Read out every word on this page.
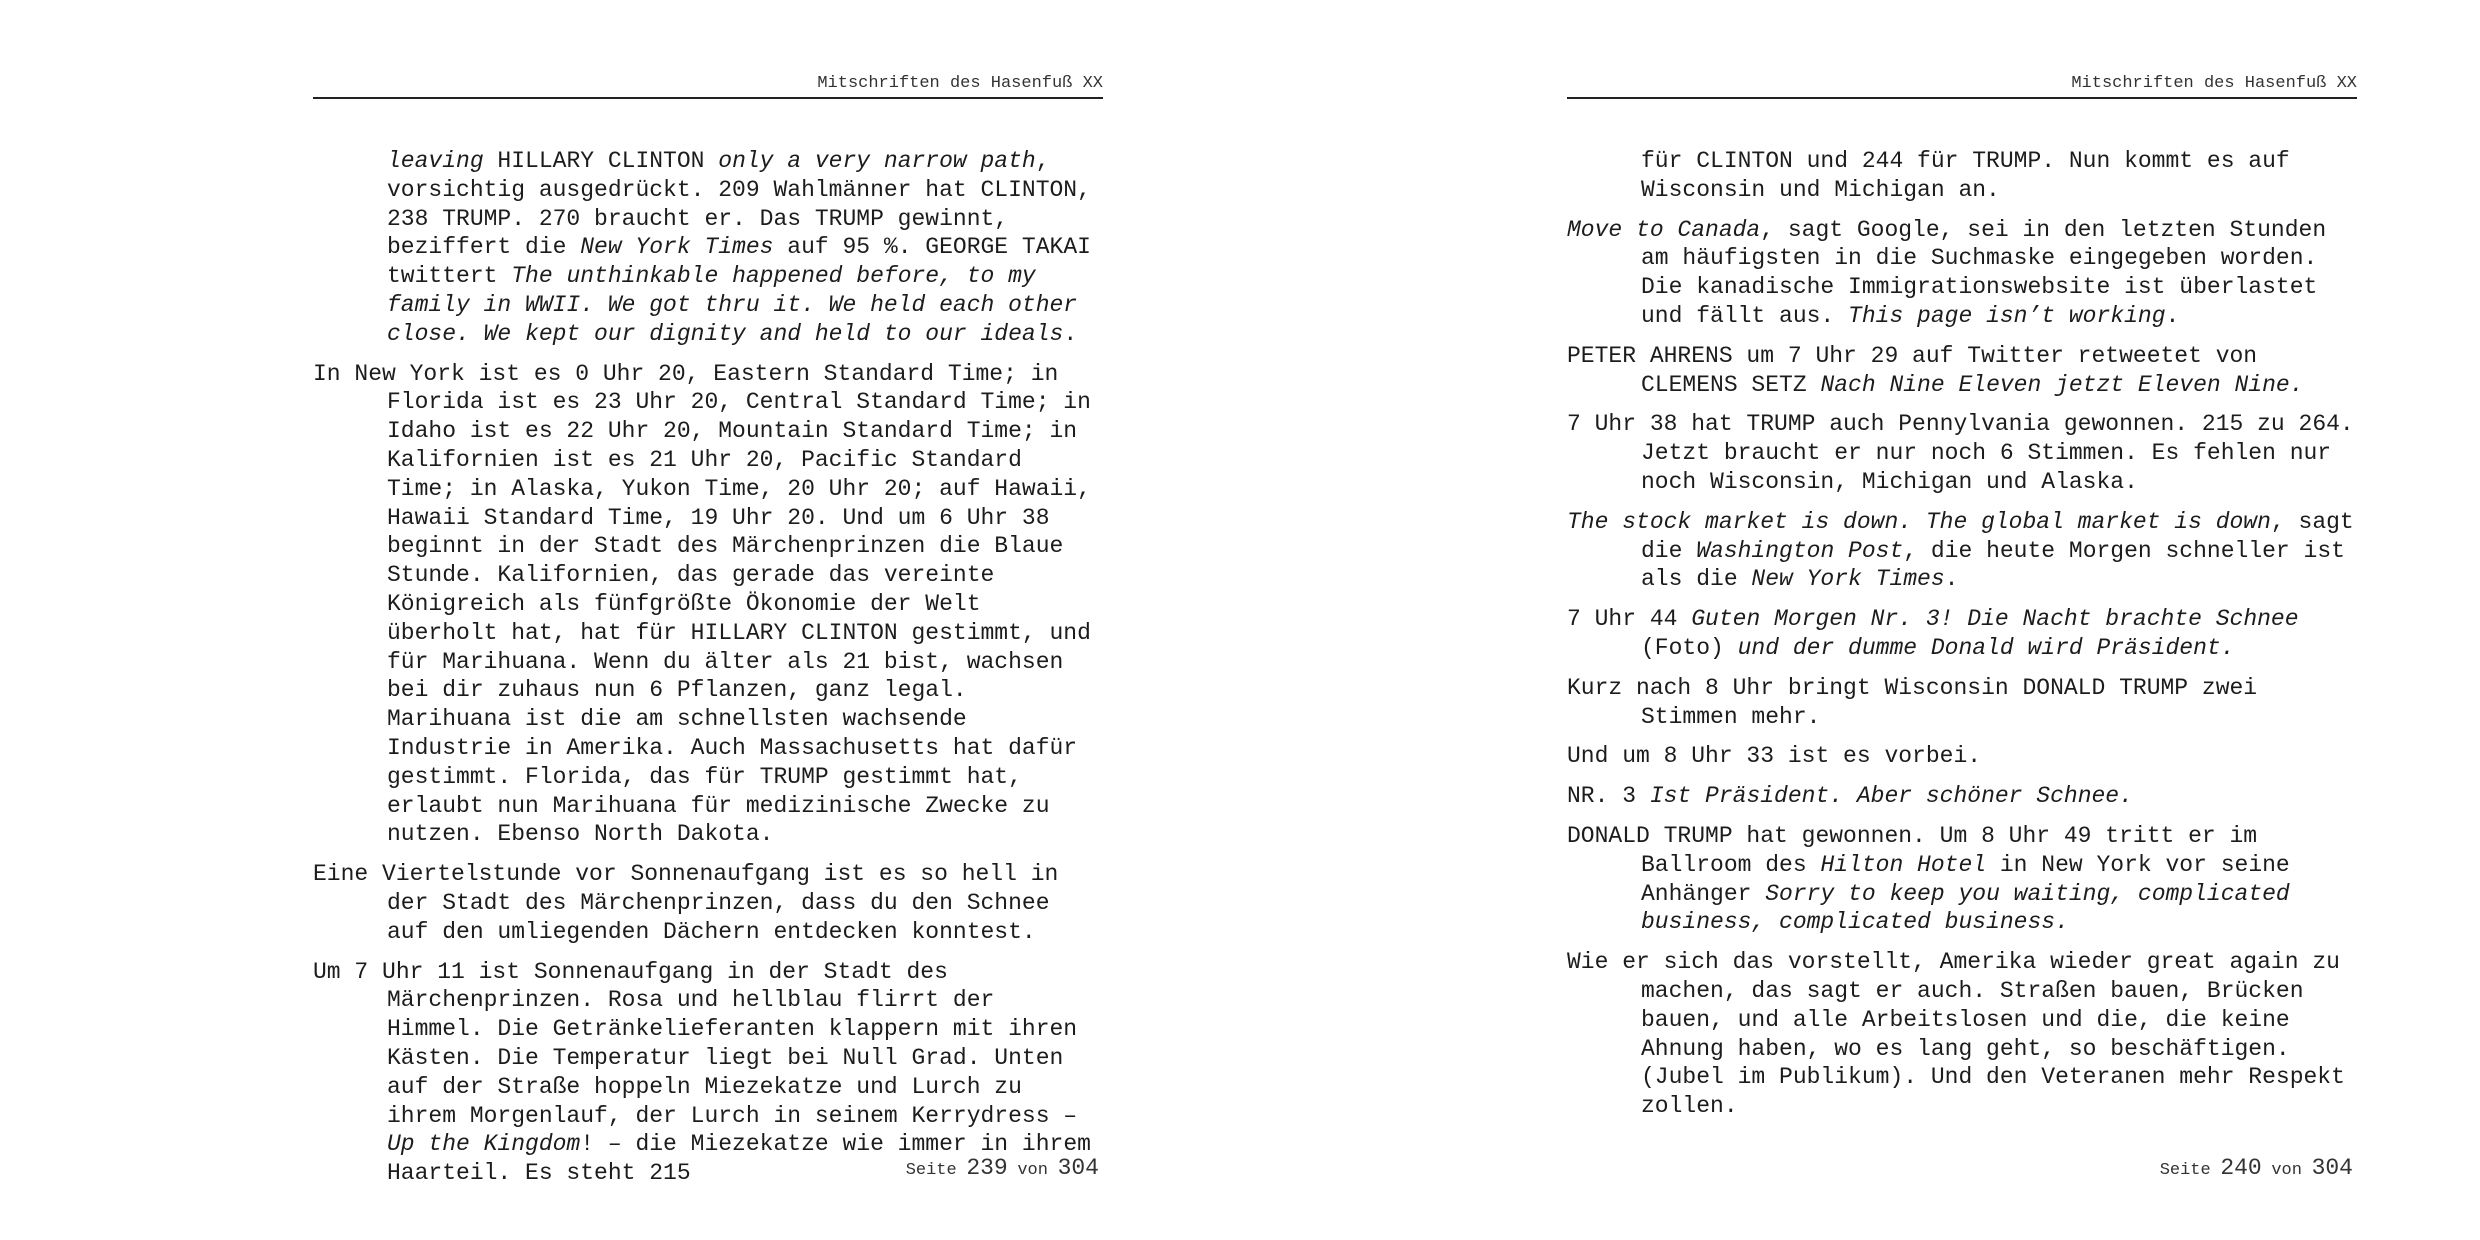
Mitschriften des Hasenfuß XX

leaving HILLARY CLINTON only a very narrow path, vorsichtig ausgedrückt. 209 Wahlmänner hat CLINTON, 238 TRUMP. 270 braucht er. Das TRUMP gewinnt, beziffert die New York Times auf 95 %. GEORGE TAKAI twittert The unthinkable happened before, to my family in WWII. We got thru it. We held each other close. We kept our dignity and held to our ideals.

In New York ist es 0 Uhr 20, Eastern Standard Time; in Florida ist es 23 Uhr 20, Central Standard Time; in Idaho ist es 22 Uhr 20, Mountain Standard Time; in Kalifornien ist es 21 Uhr 20, Pacific Standard Time; in Alaska, Yukon Time, 20 Uhr 20; auf Hawaii, Hawaii Standard Time, 19 Uhr 20. Und um 6 Uhr 38 beginnt in der Stadt des Märchenprinzen die Blaue Stunde. Kalifornien, das gerade das vereinte Königreich als fünfgrößte Ökonomie der Welt überholt hat, hat für HILLARY CLINTON gestimmt, und für Marihuana. Wenn du älter als 21 bist, wachsen bei dir zuhaus nun 6 Pflanzen, ganz legal. Marihuana ist die am schnellsten wachsende Industrie in Amerika. Auch Massachusetts hat dafür gestimmt. Florida, das für TRUMP gestimmt hat, erlaubt nun Marihuana für medizinische Zwecke zu nutzen. Ebenso North Dakota.

Eine Viertelstunde vor Sonnenaufgang ist es so hell in der Stadt des Märchenprinzen, dass du den Schnee auf den umliegenden Dächern entdecken konntest.

Um 7 Uhr 11 ist Sonnenaufgang in der Stadt des Märchenprinzen. Rosa und hellblau flirrt der Himmel. Die Getränkelieferanten klappern mit ihren Kästen. Die Temperatur liegt bei Null Grad. Unten auf der Straße hoppeln Miezekatze und Lurch zu ihrem Morgenlauf, der Lurch in seinem Kerrydress – Up the Kingdom! – die Miezekatze wie immer in ihrem Haarteil. Es steht 215	Seite 239 von 304
Mitschriften des Hasenfuß XX

für CLINTON und 244 für TRUMP. Nun kommt es auf Wisconsin und Michigan an.

Move to Canada, sagt Google, sei in den letzten Stunden am häufigsten in die Suchmaske eingegeben worden. Die kanadische Immigrationswebsite ist überlastet und fällt aus. This page isn’t working.

PETER AHRENS um 7 Uhr 29 auf Twitter retweetet von CLEMENS SETZ Nach Nine Eleven jetzt Eleven Nine.

7 Uhr 38 hat TRUMP auch Pennylvania gewonnen. 215 zu 264. Jetzt braucht er nur noch 6 Stimmen. Es fehlen nur noch Wisconsin, Michigan und Alaska.

The stock market is down. The global market is down, sagt die Washington Post, die heute Morgen schneller ist als die New York Times.

7 Uhr 44 Guten Morgen Nr. 3! Die Nacht brachte Schnee (Foto) und der dumme Donald wird Präsident.

Kurz nach 8 Uhr bringt Wisconsin DONALD TRUMP zwei Stimmen mehr.

Und um 8 Uhr 33 ist es vorbei.

NR. 3 Ist Präsident. Aber schöner Schnee.

DONALD TRUMP hat gewonnen. Um 8 Uhr 49 tritt er im Ballroom des Hilton Hotel in New York vor seine Anhänger Sorry to keep you waiting, complicated business, complicated business.

Wie er sich das vorstellt, Amerika wieder great again zu machen, das sagt er auch. Straßen bauen, Brücken bauen, und alle Arbeitslosen und die, die keine Ahnung haben, wo es lang geht, so beschäftigen. (Jubel im Publikum). Und den Veteranen mehr Respekt zollen.

Seite 240 von 304
